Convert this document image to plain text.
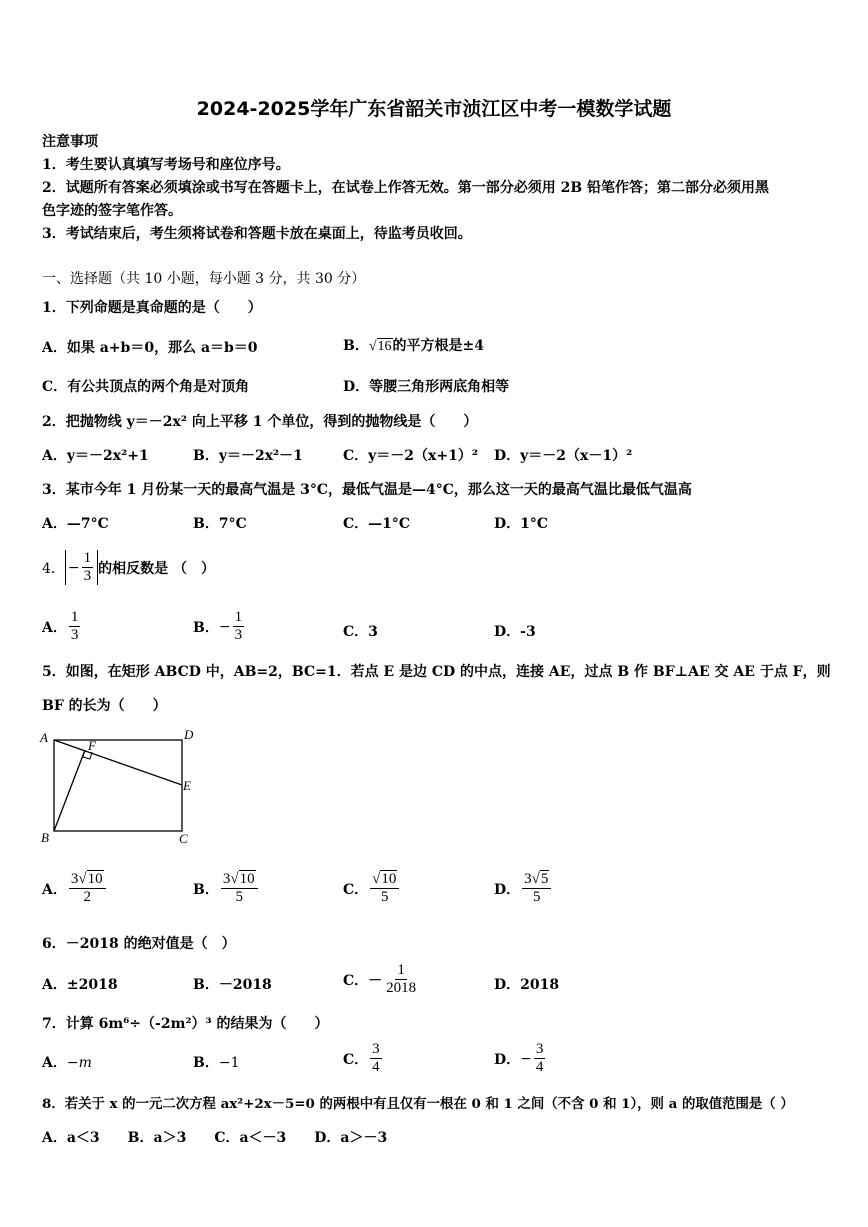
2024-2025学年广东省韶关市浈江区中考一模数学试题
注意事项
1．考生要认真填写考场号和座位序号。
2．试题所有答案必须填涂或书写在答题卡上，在试卷上作答无效。第一部分必须用 2B 铅笔作答；第二部分必须用黑
色字迹的签字笔作答。
3．考试结束后，考生须将试卷和答题卡放在桌面上，待监考员收回。
一、选择题（共 10 小题，每小题 3 分，共 30 分）
1．下列命题是真命题的是（　　）
A．如果 a+b＝0，那么 a＝b＝0	B．√16的平方根是±4
C．有公共顶点的两个角是对顶角	D．等腰三角形两底角相等
2．把抛物线 y＝－2x² 向上平移 1 个单位，得到的抛物线是（　　）
A．y＝－2x²+1	B．y＝－2x²－1	C．y＝－2（x+1）² D．y＝－2（x－1）²
3．某市今年 1 月份某一天的最高气温是 3°C，最低气温是—4°C，那么这一天的最高气温比最低气温高
A．—7°C	B．7°C	C．—1°C	D．1°C
4． − $\frac{1}{3}$ 的相反数是 （　）
A． $\frac{1}{3}$	B． − $\frac{1}{3}$	C．3	D．-3
5．如图，在矩形 ABCD 中，AB=2，BC=1．若点 E 是边 CD 的中点，连接 AE，过点 B 作 BF⊥AE 交 AE 于点 F，则
BF 的长为（　　）
A	D
F
E
B	C
A． $\frac{3√10}{2}$	B． $\frac{3√10}{5}$	C． $\frac{√10}{5}$	D． $\frac{3√5}{5}$
6．－2018 的绝对值是（　）
A．±2018	B．－2018	C．－ $\frac{1}{2018}$	D．2018
7．计算 6m⁶÷（-2m²）³ 的结果为（　　）
A．−m	B．−1	C． $\frac{3}{4}$	D． − $\frac{3}{4}$
8．若关于 x 的一元二次方程 ax²+2x－5=0 的两根中有且仅有一根在 0 和 1 之间（不含 0 和 1），则 a 的取值范围是（ ）
A．a＜3　　B．a＞3　　C．a＜－3　　D．a＞－3
